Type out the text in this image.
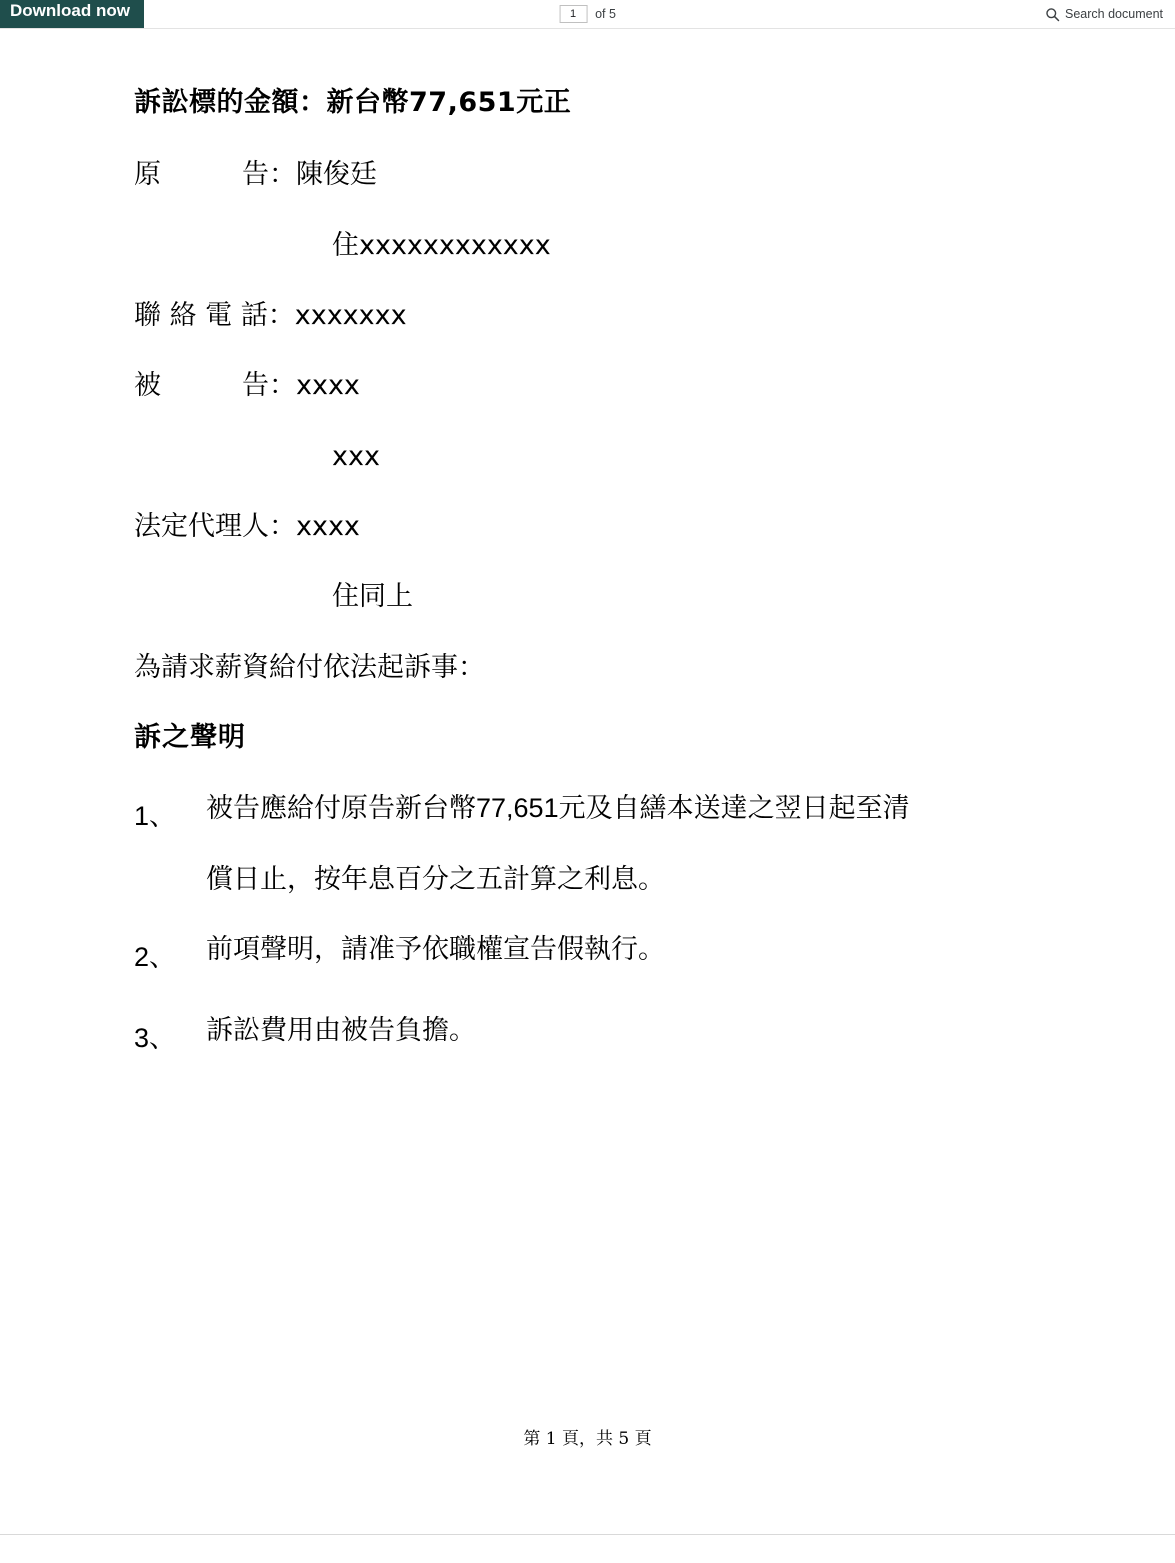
Download now
1	of 5	Search document
訴訟標的金額：新台幣77,651元正
原　　　告：陳俊廷
住xxxxxxxxxxxx
聯 絡 電 話：xxxxxxx
被　　　告：xxxx
xxx
法定代理人：xxxx
住同上
為請求薪資給付依法起訴事：
訴之聲明
1、	被告應給付原告新台幣77,651元及自繕本送達之翌日起至清
償日止，按年息百分之五計算之利息。
2、	前項聲明，請准予依職權宣告假執行。
3、	訴訟費用由被告負擔。
第 1 頁，共 5 頁
